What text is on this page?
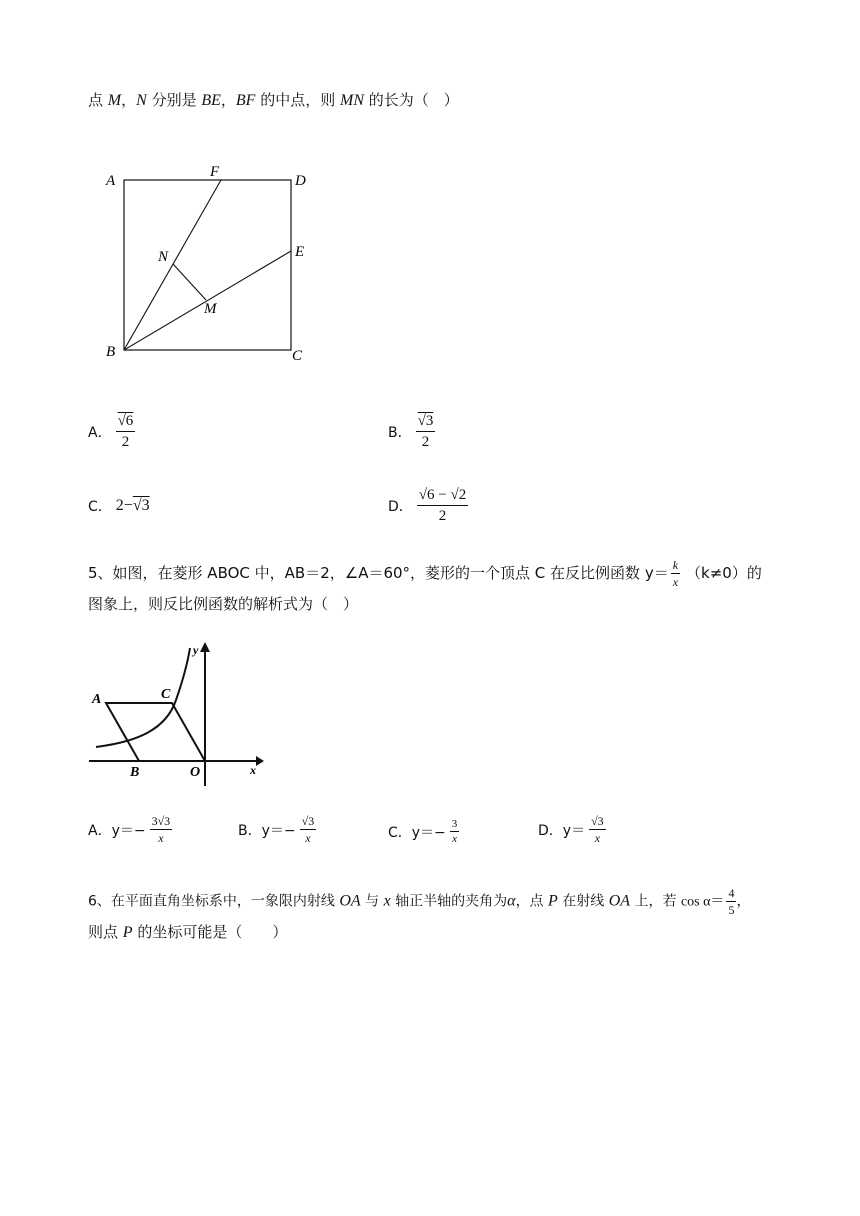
点 M，N 分别是 BE，BF 的中点，则 MN 的长为（　）
A
F
D
N	E
M
B	C
A． $\frac{√6}{2}$	B． $\frac{√3}{2}$
C． 2−√3	D． $\frac{√6 - √2}{2}$
5、如图，在菱形 ABOC 中，AB＝2，∠A＝60°，菱形的一个顶点 C 在反比例函数 $y= \frac{k}{x} (k\ne 0)$的
图象上，则反比例函数的解析式为（　）
A	C
y
B	O	x
A．$y=- \frac{3√3}{x}$	B．$y=- \frac{√3}{x}$	C．$y=- \frac{3}{x}$	D．$y= \frac{√3}{x}$
6、在平面直角坐标系中，一象限内射线 OA 与 x 轴正半轴的夹角为α，点 P 在射线 OA 上，若 $\cos \alpha= \frac{4}{5}$ ，
则点 P 的坐标可能是（　　）
